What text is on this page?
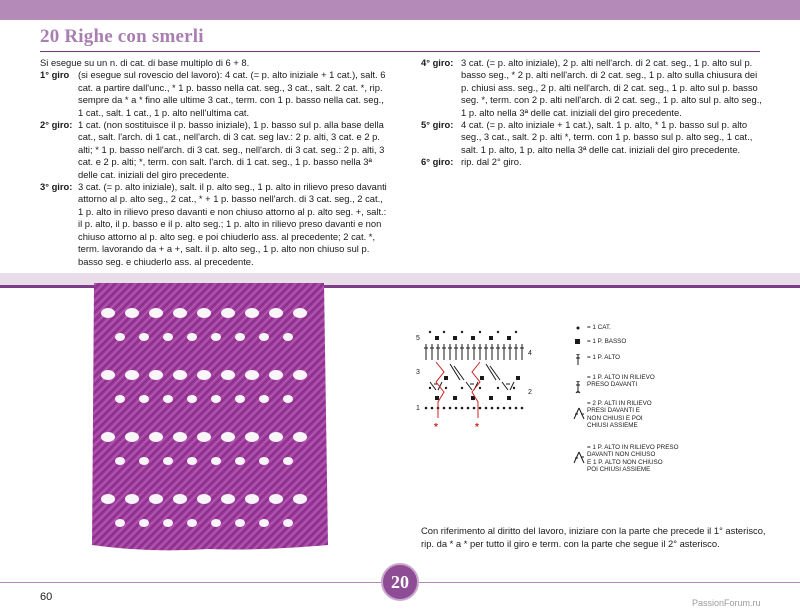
20 Righe con smerli
Si esegue su un n. di cat. di base multiplo di 6 + 8.
1° giro (si esegue sul rovescio del lavoro): 4 cat. (= p. alto iniziale + 1 cat.), salt. 6 cat. a partire dall'unc., * 1 p. basso nella cat. seg., 3 cat., salt. 2 cat. *, rip. sempre da * a * fino alle ultime 3 cat., term. con 1 p. basso nella cat. seg., 1 cat., salt. 1 cat., 1 p. alto nell'ultima cat.
2° giro: 1 cat. (non sostituisce il p. basso iniziale), 1 p. basso sul p. alla base della cat., salt. l'arch. di 1 cat., nell'arch. di 3 cat. seg lav.: 2 p. alti, 3 cat. e 2 p. alti; * 1 p. basso nell'arch. di 3 cat. seg., nell'arch. di 3 cat. seg.: 2 p. alti, 3 cat. e 2 p. alti; *, term. con salt. l'arch. di 1 cat. seg., 1 p. basso nella 3ª delle cat. iniziali del giro precedente.
3° giro: 3 cat. (= p. alto iniziale), salt. il p. alto seg., 1 p. alto in rilievo preso davanti attorno al p. alto seg., 2 cat., * + 1 p. basso nell'arch. di 3 cat. seg., 2 cat., 1 p. alto in rilievo preso davanti e non chiuso attorno al p. alto seg. +, salt.: il p. alto, il p. basso e il p. alto seg.; 1 p. alto in rilievo preso davanti e non chiuso attorno al p. alto seg. e poi chiuderlo ass. al precedente; 2 cat. *, term. lavorando da + a +, salt. il p. alto seg., 1 p. alto non chiuso sul p. basso seg. e chiuderlo ass. al precedente.
4° giro: 3 cat. (= p. alto iniziale), 2 p. alti nell'arch. di 2 cat. seg., 1 p. alto sul p. basso seg., * 2 p. alti nell'arch. di 2 cat. seg., 1 p. alto sulla chiusura dei p. chiusi ass. seg., 2 p. alti nell'arch. di 2 cat. seg., 1 p. alto sul p. basso seg. *, term. con 2 p. alti nell'arch. di 2 cat. seg., 1 p. alto sul p. alto seg., 1 p. alto nella 3ª delle cat. iniziali del giro precedente.
5° giro: 4 cat. (= p. alto iniziale + 1 cat.), salt. 1 p. alto, * 1 p. basso sul p. alto seg., 3 cat., salt. 2 p. alti *, term. con 1 p. basso sul p. alto seg., 1 cat., salt. 1 p. alto, 1 p. alto nella 3ª delle cat. iniziali del giro precedente.
6° giro: rip. dal 2° giro.
1
2
3
4
5
*	*
= 1 CAT.
= 1 P. BASSO
= 1 P. ALTO

= 1 P. ALTO IN RILIEVO
PRESO DAVANTI

= 2 P. ALTI IN RILIEVO
PRESI DAVANTI E
NON CHIUSI E POI
CHIUSI ASSIEME

= 1 P. ALTO IN RILIEVO PRESO
DAVANTI NON CHIUSO
E 1 P. ALTO NON CHIUSO
POI CHIUSI ASSIEME
Con riferimento al diritto del lavoro, iniziare con la parte che precede il 1° asterisco, rip. da * a * per tutto il giro e term. con la parte che segue il 2° asterisco.
60
20
PassionForum.ru
